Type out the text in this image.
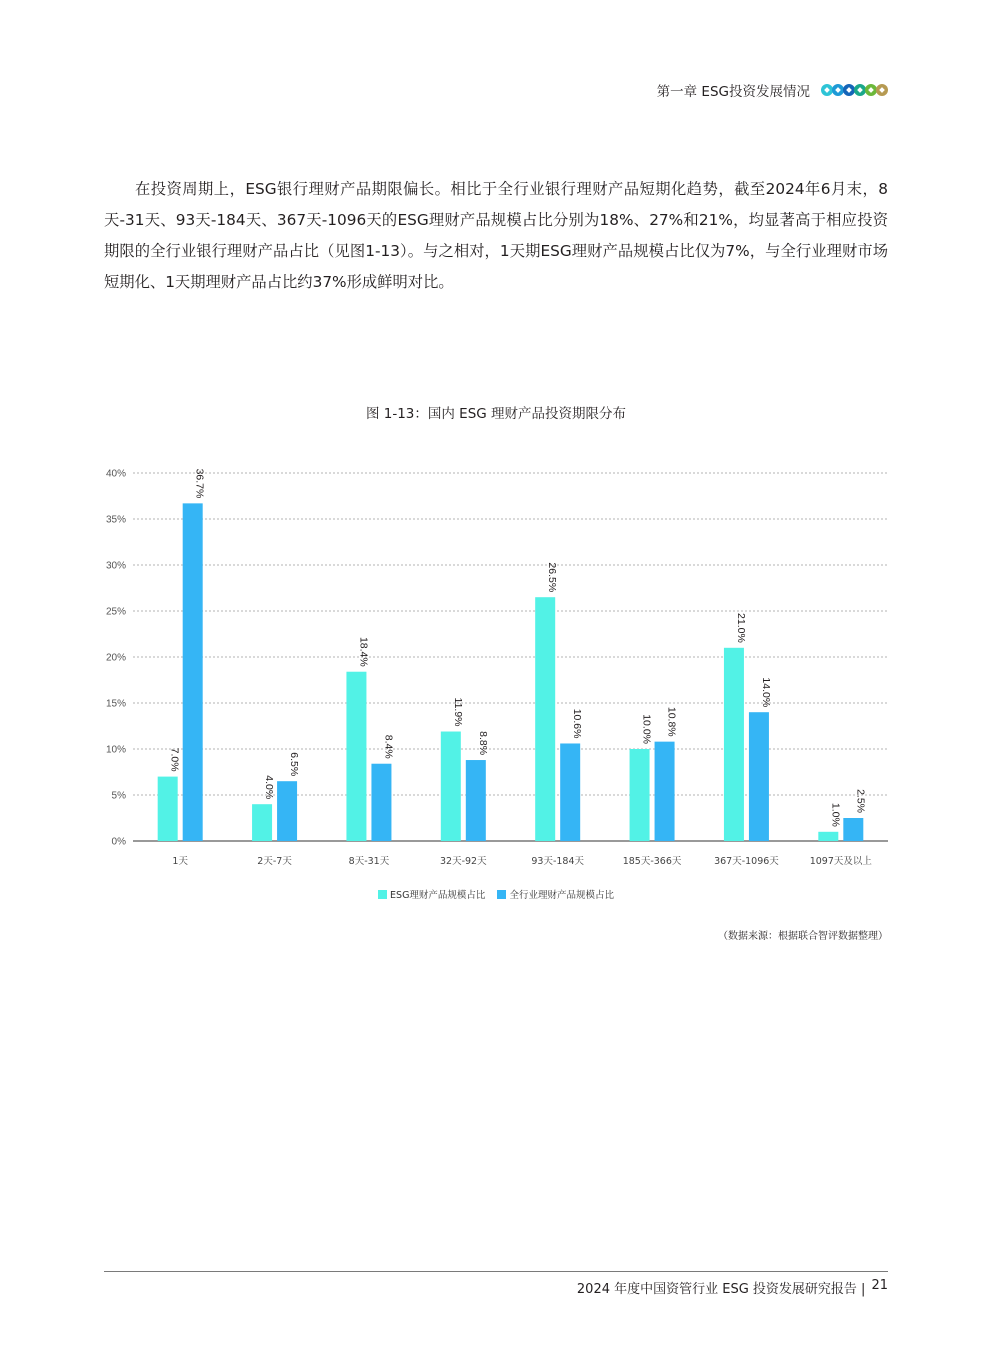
第一章 ESG投资发展情况
在投资周期上，ESG银行理财产品期限偏长。相比于全行业银行理财产品短期化趋势，截至2024年6月末，8天-31天、93天-184天、367天-1096天的ESG理财产品规模占比分别为18%、27%和21%，均显著高于相应投资期限的全行业银行理财产品占比（见图1-13）。与之相对，1天期ESG理财产品规模占比仅为7%，与全行业理财市场短期化、1天期理财产品占比约37%形成鲜明对比。
图 1-13：国内 ESG 理财产品投资期限分布
0%
5%
10%
15%
20%
25%
30%
35%
40%
7.0%
36.7%
1天
4.0%
6.5%
2天-7天
18.4%
8.4%
8天-31天
11.9%
8.8%
32天-92天
26.5%
10.6%
93天-184天
10.0% 10.8%
185天-366天
21.0%
14.0%
367天-1096天
1.0%
2.5%
1097天及以上
ESG理财产品规模占比	全行业理财产品规模占比
（数据来源：根据联合智评数据整理）
2024 年度中国资管行业 ESG 投资发展研究报告 | 21
